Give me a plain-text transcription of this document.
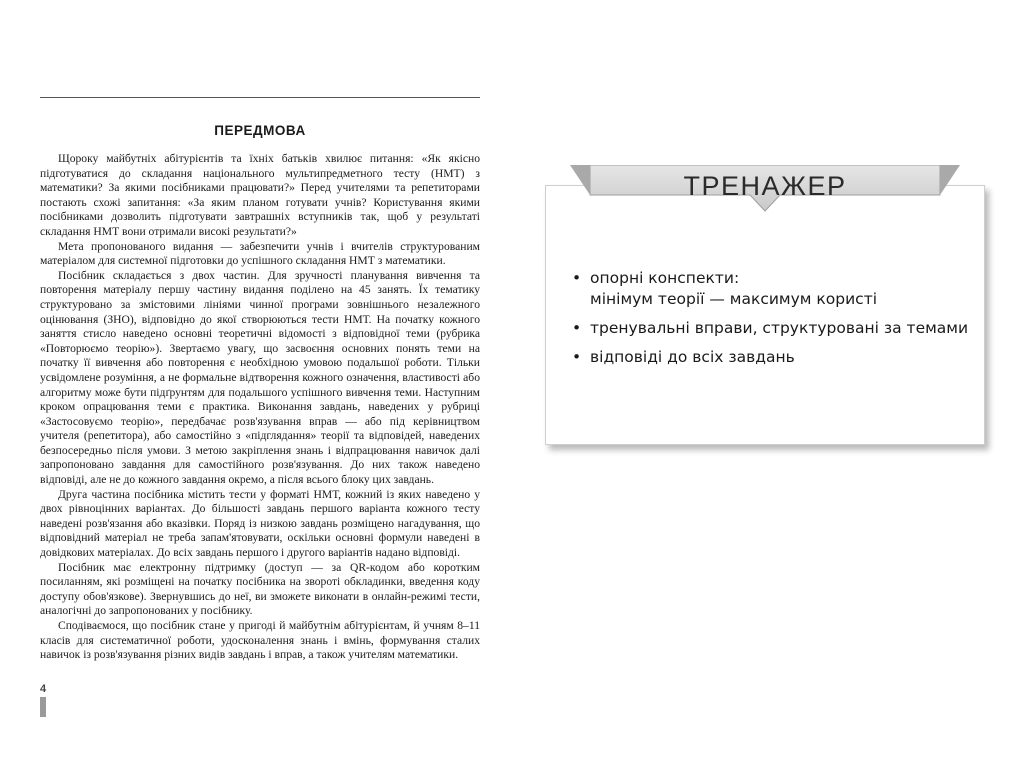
ПЕРЕДМОВА

Щороку майбутніх абітурієнтів та їхніх батьків хвилює питання: «Як якісно підготуватися до складання національного мультипредметного тесту (НМТ) з математики? За якими посібниками працювати?» Перед учителями та репетиторами постають схожі запитання: «За яким планом готувати учнів? Користування якими посібниками дозволить підготувати завтрашніх вступників так, щоб у результаті складання НМТ вони отримали високі результати?»

Мета пропонованого видання — забезпечити учнів і вчителів структурованим матеріалом для системної підготовки до успішного складання НМТ з математики.

Посібник складається з двох частин. Для зручності планування вивчення та повторення матеріалу першу частину видання поділено на 45 занять. Їх тематику структуровано за змістовими лініями чинної програми зовнішнього незалежного оцінювання (ЗНО), відповідно до якої створюються тести НМТ. На початку кожного заняття стисло наведено основні теоретичні відомості з відповідної теми (рубрика «Повторюємо теорію»). Звертаємо увагу, що засвоєння основних понять теми на початку її вивчення або повторення є необхідною умовою подальшої роботи. Тільки усвідомлене розуміння, а не формальне відтворення кожного означення, властивості або алгоритму може бути підґрунтям для подальшого успішного вивчення теми. Наступним кроком опрацювання теми є практика. Виконання завдань, наведених у рубриці «Застосовуємо теорію», передбачає розв'язування вправ — або під керівництвом учителя (репетитора), або самостійно з «підглядання» теорії та відповідей, наведених безпосередньо після умови. З метою закріплення знань і відпрацювання навичок далі запропоновано завдання для самостійного розв'язування. До них також наведено відповіді, але не до кожного завдання окремо, а після всього блоку цих завдань.

Друга частина посібника містить тести у форматі НМТ, кожний із яких наведено у двох рівноцінних варіантах. До більшості завдань першого варіанта кожного тесту наведені розв'язання або вказівки. Поряд із низкою завдань розміщено нагадування, що відповідний матеріал не треба запам'ятовувати, оскільки основні формули наведені в довідкових матеріалах. До всіх завдань першого і другого варіантів надано відповіді.

Посібник має електронну підтримку (доступ — за QR-кодом або коротким посиланням, які розміщені на початку посібника на звороті обкладинки, введення коду доступу обов'язкове). Звернувшись до неї, ви зможете виконати в онлайн-режимі тести, аналогічні до запропонованих у посібнику.

Сподіваємося, що посібник стане у пригоді й майбутнім абітурієнтам, й учням 8–11 класів для систематичної роботи, удосконалення знань і вмінь, формування сталих навичок із розв'язування різних видів завдань і вправ, а також учителям математики.

4
ТРЕНАЖЕР
• опорні конспекти:
мінімум теорії — максимум користі
• тренувальні вправи, структуровані за темами
• відповіді до всіх завдань
